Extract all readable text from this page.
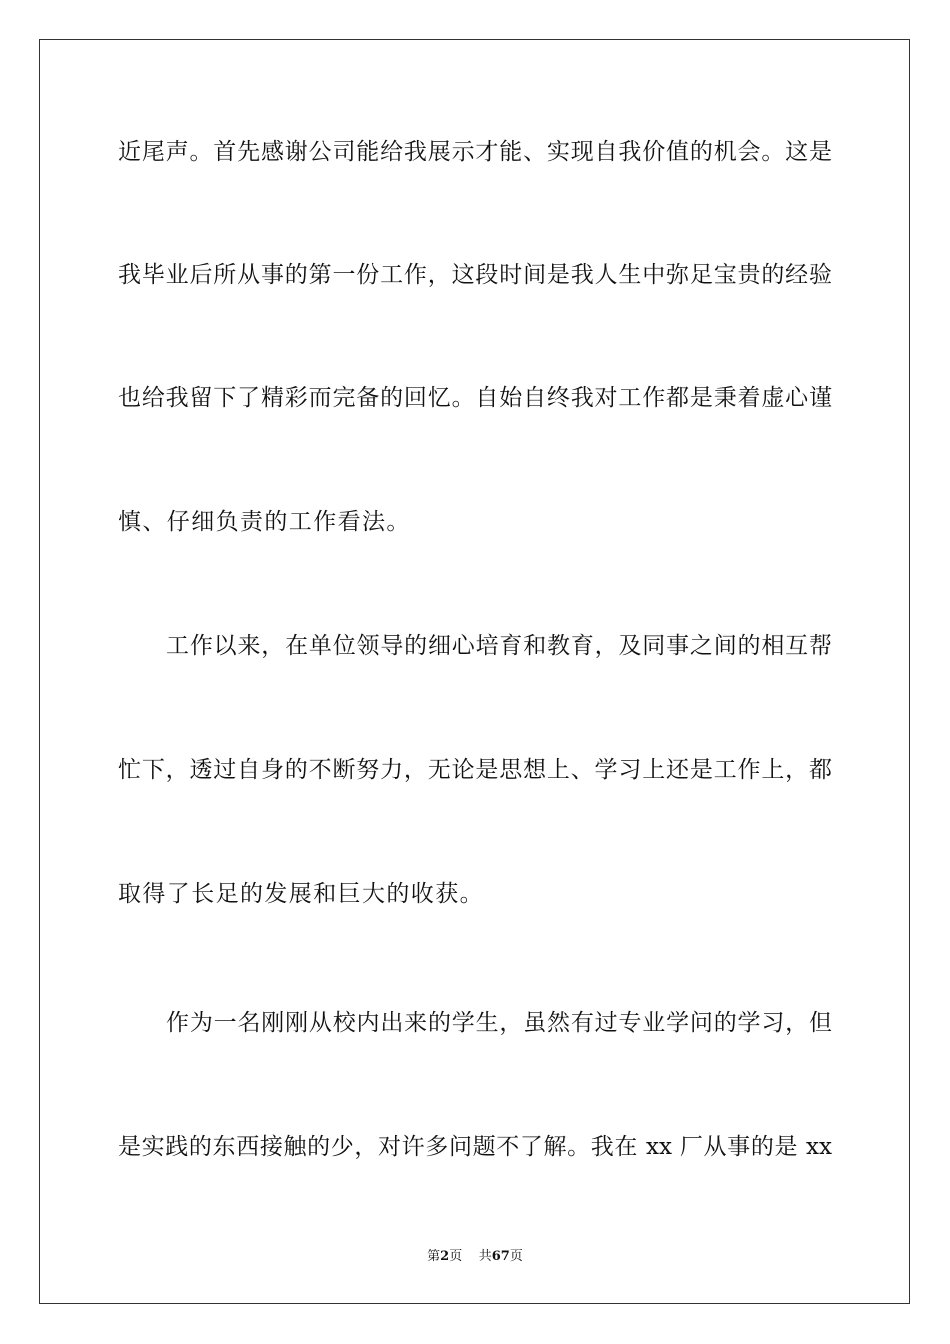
近尾声。首先感谢公司能给我展示才能、实现自我价值的机会。这是
我毕业后所从事的第一份工作，这段时间是我人生中弥足宝贵的经验
也给我留下了精彩而完备的回忆。自始自终我对工作都是秉着虚心谨
慎、仔细负责的工作看法。
工作以来，在单位领导的细心培育和教育，及同事之间的相互帮
忙下，透过自身的不断努力，无论是思想上、学习上还是工作上，都
取得了长足的发展和巨大的收获。
作为一名刚刚从校内出来的学生，虽然有过专业学问的学习，但
是实践的东西接触的少，对许多问题不了解。我在 xx 厂从事的是 xx
第2页 共67页
